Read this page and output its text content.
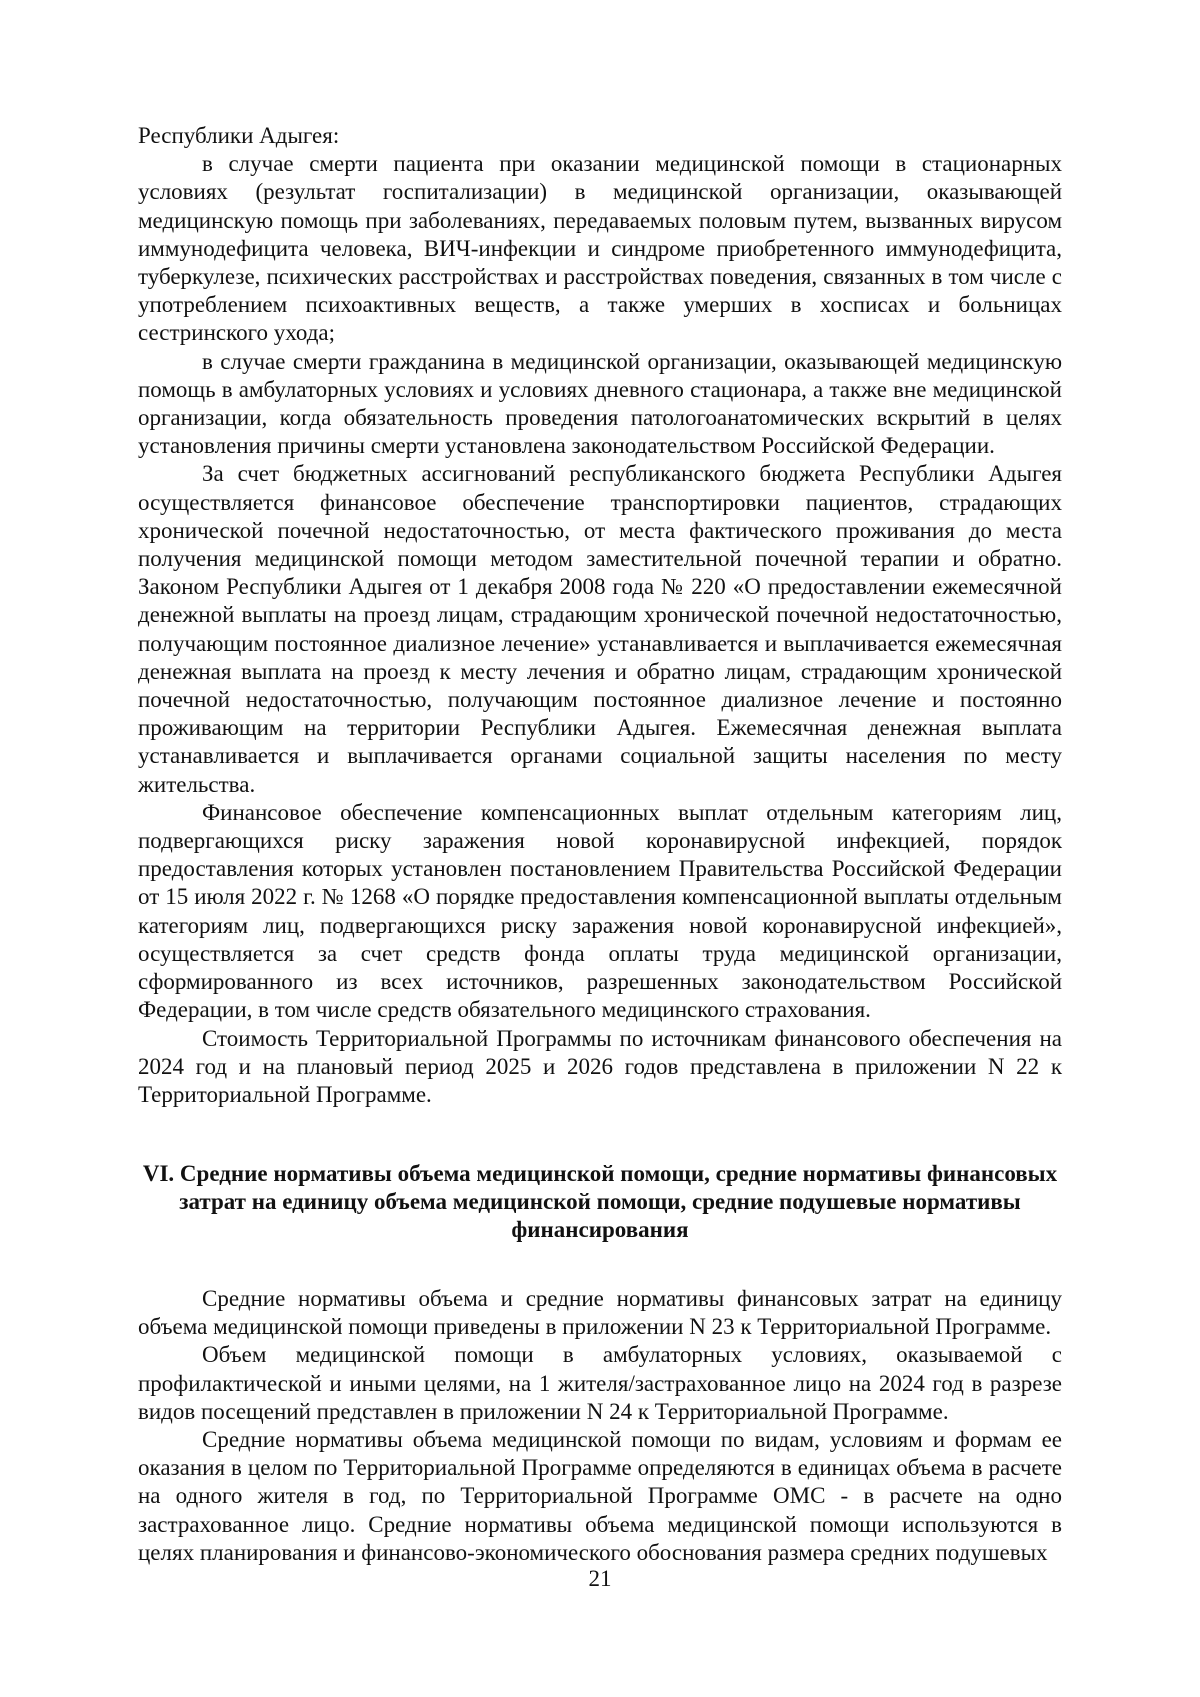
Республики Адыгея:

в случае смерти пациента при оказании медицинской помощи в стационарных условиях (результат госпитализации) в медицинской организации, оказывающей медицинскую помощь при заболеваниях, передаваемых половым путем, вызванных вирусом иммунодефицита человека, ВИЧ-инфекции и синдроме приобретенного иммунодефицита, туберкулезе, психических расстройствах и расстройствах поведения, связанных в том числе с употреблением психоактивных веществ, а также умерших в хосписах и больницах сестринского ухода;

в случае смерти гражданина в медицинской организации, оказывающей медицинскую помощь в амбулаторных условиях и условиях дневного стационара, а также вне медицинской организации, когда обязательность проведения патологоанатомических вскрытий в целях установления причины смерти установлена законодательством Российской Федерации.

За счет бюджетных ассигнований республиканского бюджета Республики Адыгея осуществляется финансовое обеспечение транспортировки пациентов, страдающих хронической почечной недостаточностью, от места фактического проживания до места получения медицинской помощи методом заместительной почечной терапии и обратно. Законом Республики Адыгея от 1 декабря 2008 года № 220 «О предоставлении ежемесячной денежной выплаты на проезд лицам, страдающим хронической почечной недостаточностью, получающим постоянное диализное лечение» устанавливается и выплачивается ежемесячная денежная выплата на проезд к месту лечения и обратно лицам, страдающим хронической почечной недостаточностью, получающим постоянное диализное лечение и постоянно проживающим на территории Республики Адыгея. Ежемесячная денежная выплата устанавливается и выплачивается органами социальной защиты населения по месту жительства.

Финансовое обеспечение компенсационных выплат отдельным категориям лиц, подвергающихся риску заражения новой коронавирусной инфекцией, порядок предоставления которых установлен постановлением Правительства Российской Федерации от 15 июля 2022 г. № 1268 «О порядке предоставления компенсационной выплаты отдельным категориям лиц, подвергающихся риску заражения новой коронавирусной инфекцией», осуществляется за счет средств фонда оплаты труда медицинской организации, сформированного из всех источников, разрешенных законодательством Российской Федерации, в том числе средств обязательного медицинского страхования.

Стоимость Территориальной Программы по источникам финансового обеспечения на 2024 год и на плановый период 2025 и 2026 годов представлена в приложении N 22 к Территориальной Программе.

VI. Средние нормативы объема медицинской помощи, средние нормативы финансовых затрат на единицу объема медицинской помощи, средние подушевые нормативы финансирования

Средние нормативы объема и средние нормативы финансовых затрат на единицу объема медицинской помощи приведены в приложении N 23 к Территориальной Программе.

Объем медицинской помощи в амбулаторных условиях, оказываемой с профилактической и иными целями, на 1 жителя/застрахованное лицо на 2024 год в разрезе видов посещений представлен в приложении N 24 к Территориальной Программе.

Средние нормативы объема медицинской помощи по видам, условиям и формам ее оказания в целом по Территориальной Программе определяются в единицах объема в расчете на одного жителя в год, по Территориальной Программе ОМС - в расчете на одно застрахованное лицо. Средние нормативы объема медицинской помощи используются в целях планирования и финансово-экономического обоснования размера средних подушевых

21
